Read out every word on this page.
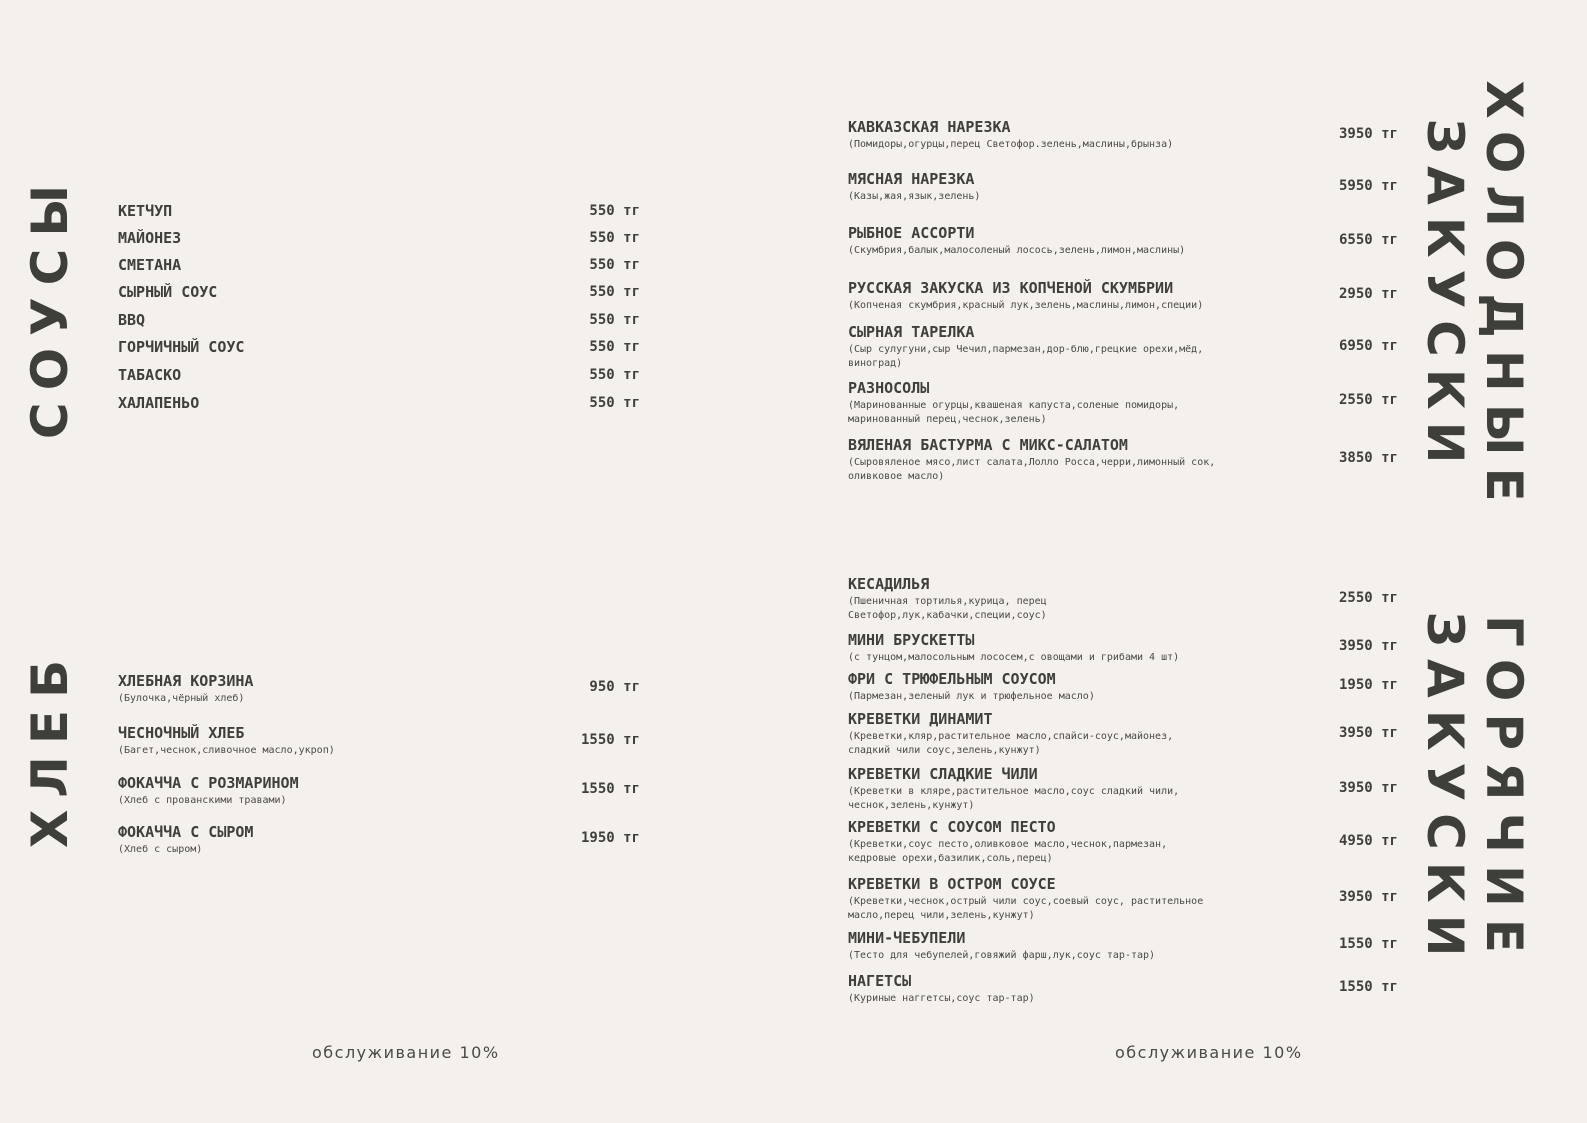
СОУСЫ
ХЛЕБ
КЕТЧУП	550 тг
МАЙОНЕЗ	550 тг
СМЕТАНА	550 тг
СЫРНЫЙ СОУС	550 тг
BBQ	550 тг
ГОРЧИЧНЫЙ СОУС	550 тг
ТАБАСКО	550 тг
ХАЛАПЕНЬО	550 тг
ХЛЕБНАЯ КОРЗИНА
(Булочка,чёрный хлеб)
950 тг
ЧЕСНОЧНЫЙ ХЛЕБ
(Багет,чеснок,сливочное масло,укроп)
1550 тг
ФОКАЧЧА С РОЗМАРИНОМ
(Хлеб с прованскими травами)
1550 тг
ФОКАЧЧА С СЫРОМ
(Хлеб с сыром)
1950 тг
обслуживание 10%
ХОЛОДНЫЕ
ЗАКУСКИ
ГОРЯЧИЕ
ЗАКУСКИ
КАВКАЗСКАЯ НАРЕЗКА
(Помидоры,огурцы,перец Светофор.зелень,маслины,брынза)
3950 тг
МЯСНАЯ НАРЕЗКА
(Казы,жая,язык,зелень)
5950 тг
РЫБНОЕ АССОРТИ
(Скумбрия,балык,малосоленый лосось,зелень,лимон,маслины)
6550 тг
РУССКАЯ ЗАКУСКА ИЗ КОПЧЕНОЙ СКУМБРИИ
(Копченая скумбрия,красный лук,зелень,маслины,лимон,специи)
2950 тг
СЫРНАЯ ТАРЕЛКА
(Сыр сулугуни,сыр Чечил,пармезан,дор-блю,грецкие орехи,мёд, виноград)
6950 тг
РАЗНОСОЛЫ
(Маринованные огурцы,квашеная капуста,соленые помидоры, маринованный перец,чеснок,зелень)
2550 тг
ВЯЛЕНАЯ БАСТУРМА С МИКС-САЛАТОМ
(Сыровяленое мясо,лист салата,Лолло Росса,черри,лимонный сок, оливковое масло)
3850 тг
КЕСАДИЛЬЯ
(Пшеничная тортилья,курица, перец Светофор,лук,кабачки,специи,соус)
2550 тг
МИНИ БРУСКЕТТЫ
(с тунцом,малосольным лососем,с овощами и грибами 4 шт)
3950 тг
ФРИ С ТРЮФЕЛЬНЫМ СОУСОМ
(Пармезан,зеленый лук и трюфельное масло)
1950 тг
КРЕВЕТКИ ДИНАМИТ
(Креветки,кляр,растительное масло,спайси-соус,майонез, сладкий чили соус,зелень,кунжут)
3950 тг
КРЕВЕТКИ СЛАДКИЕ ЧИЛИ
(Креветки в кляре,растительное масло,соус сладкий чили, чеснок,зелень,кунжут)
3950 тг
КРЕВЕТКИ С СОУСОМ ПЕСТО
(Креветки,соус песто,оливковое масло,чеснок,пармезан, кедровые орехи,базилик,соль,перец)
4950 тг
КРЕВЕТКИ В ОСТРОМ СОУСЕ
(Креветки,чеснок,острый чили соус,соевый соус, растительное масло,перец чили,зелень,кунжут)
3950 тг
МИНИ-ЧЕБУПЕЛИ
(Тесто для чебупелей,говяжий фарш,лук,соус тар-тар)
1550 тг
НАГЕТСЫ
(Куриные наггетсы,соус тар-тар)
1550 тг
обслуживание 10%
